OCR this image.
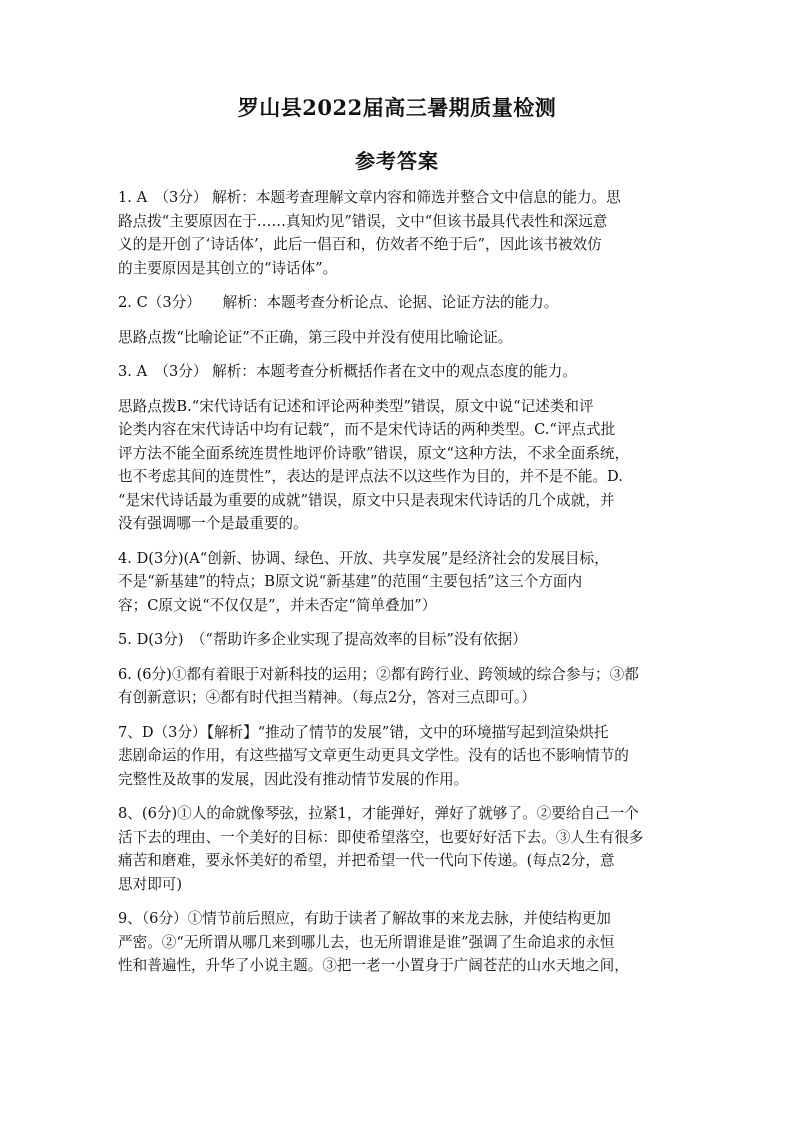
罗山县2022届高三暑期质量检测
参考答案
1. A　（3分） 解析：本题考查理解文章内容和筛选并整合文中信息的能力。思
路点拨“主要原因在于……真知灼见”错误，文中“但该书最具代表性和深远意
义的是开创了‘诗话体’，此后一倡百和，仿效者不绝于后”，因此该书被效仿
的主要原因是其创立的“诗话体”。
2. C（3分）　　解析：本题考查分析论点、论据、论证方法的能力。
思路点拨“比喻论证”不正确，第三段中并没有使用比喻论证。
3. A　（3分） 解析：本题考查分析概括作者在文中的观点态度的能力。
思路点拨B.“宋代诗话有记述和评论两种类型”错误，原文中说“记述类和评
论类内容在宋代诗话中均有记载”，而不是宋代诗话的两种类型。C.“评点式批
评方法不能全面系统连贯性地评价诗歌”错误，原文“这种方法，不求全面系统，
也不考虑其间的连贯性”，表达的是评点法不以这些作为目的，并不是不能。D.
“是宋代诗话最为重要的成就”错误，原文中只是表现宋代诗话的几个成就，并
没有强调哪一个是最重要的。
4. D(3分)(A“创新、协调、绿色、开放、共享发展”是经济社会的发展目标，
不是“新基建”的特点；B原文说“新基建”的范围“主要包括”这三个方面内
容；C原文说“不仅仅是”，并未否定“简单叠加”）
5. D(3分)　（“帮助许多企业实现了提高效率的目标”没有依据）
6. (6分)①都有着眼于对新科技的运用；②都有跨行业、跨领域的综合参与；③都
有创新意识；④都有时代担当精神。（每点2分，答对三点即可。）
7、D（3分）【解析】“推动了情节的发展”错，文中的环境描写起到渲染烘托
悲剧命运的作用，有这些描写文章更生动更具文学性。没有的话也不影响情节的
完整性及故事的发展，因此没有推动情节发展的作用。
8、(6分)①人的命就像琴弦，拉紧1，才能弹好，弹好了就够了。②要给自己一个
活下去的理由、一个美好的目标：即使希望落空，也要好好活下去。③人生有很多
痛苦和磨难，要永怀美好的希望，并把希望一代一代向下传递。(每点2分，意
思对即可)
9、（6分）①情节前后照应，有助于读者了解故事的来龙去脉，并使结构更加
严密。②“无所谓从哪几来到哪儿去，也无所谓谁是谁”强调了生命追求的永恒
性和普遍性，升华了小说主题。③把一老一小置身于广阔苍茫的山水天地之间，
